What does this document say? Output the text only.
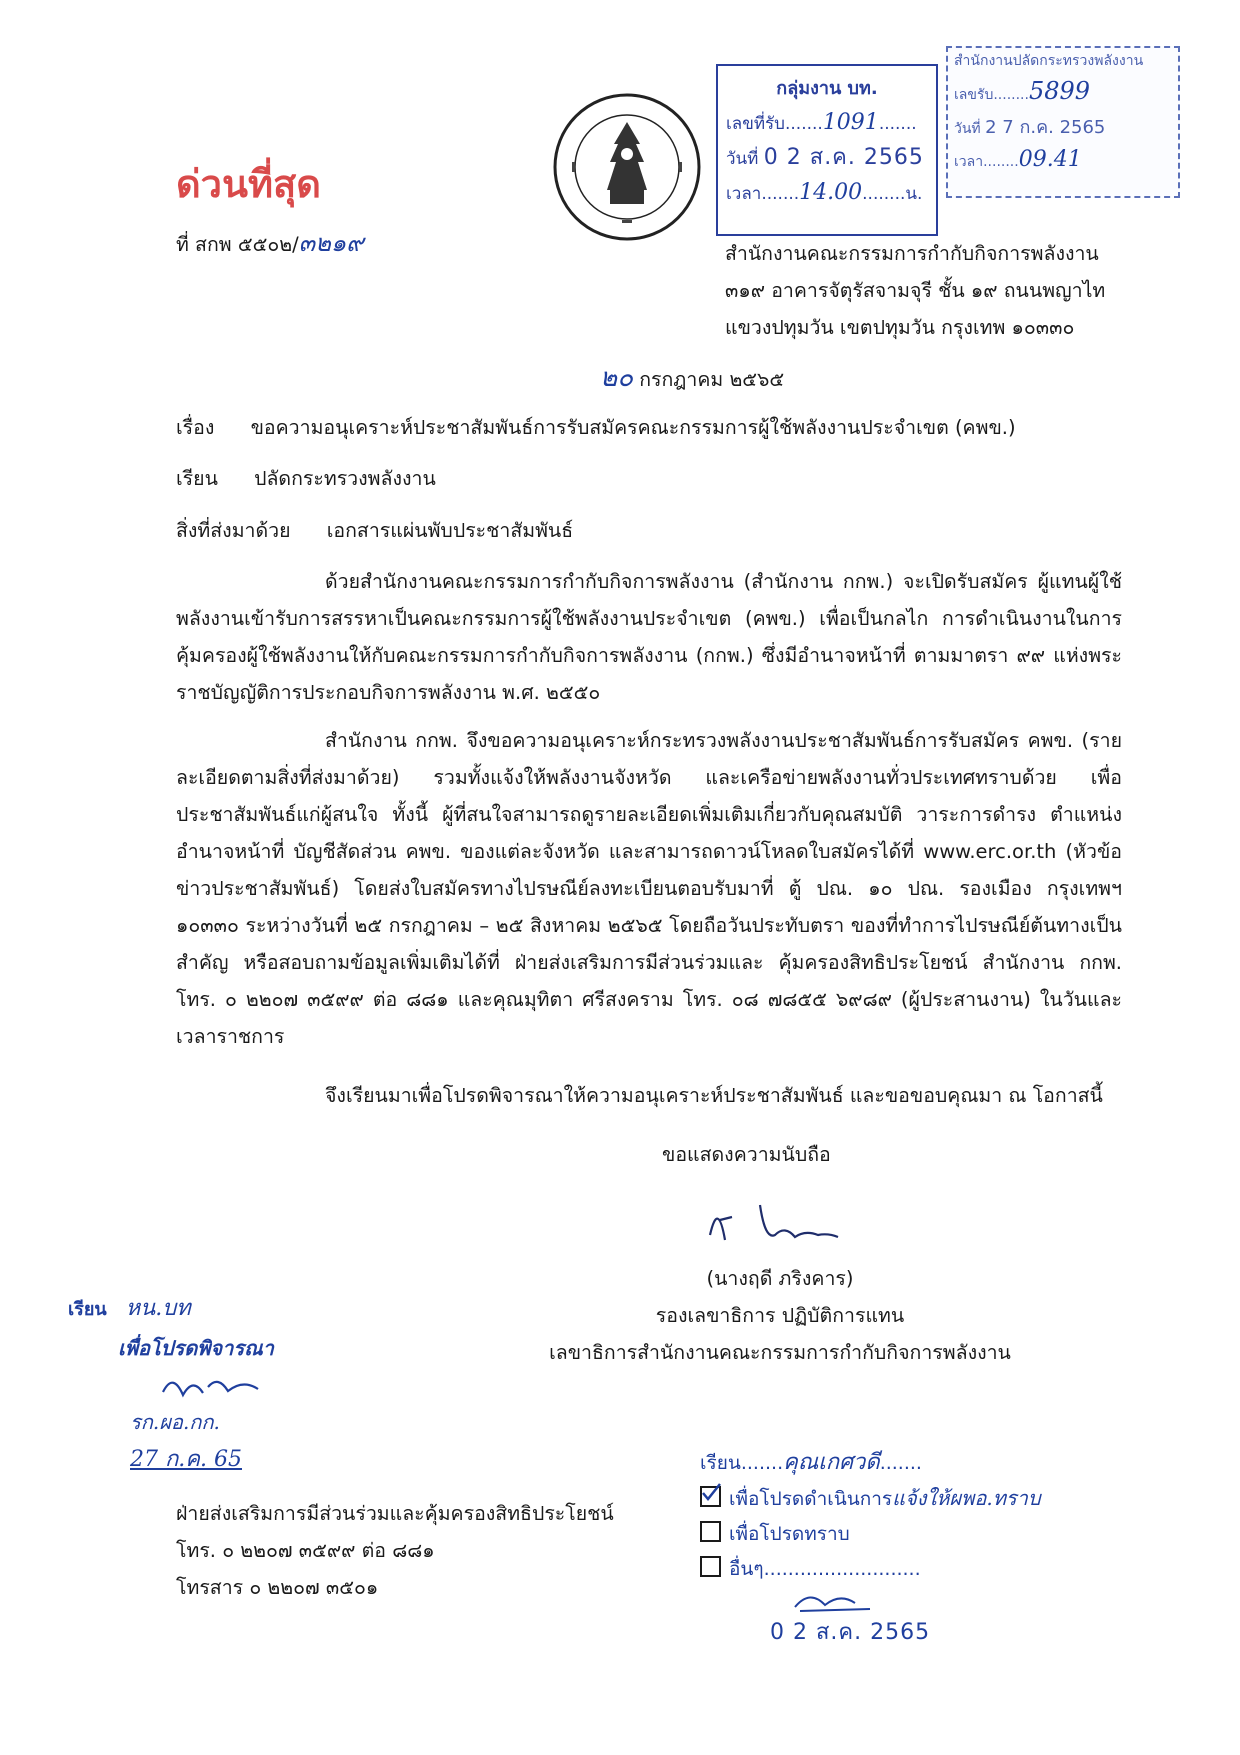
ด่วนที่สุด
ที่ สกพ ๕๕๐๒/๓๒๑๙
กลุ่มงาน บท.
เลขที่รับ.......1091.......
วันที่ 0 2 ส.ค. 2565
เวลา.......14.00........น.
สำนักงานปลัดกระทรวงพลังงาน
เลขรับ........5899
วันที่ 2 7 ก.ค. 2565
เวลา........09.41
สำนักงานคณะกรรมการกำกับกิจการพลังงาน
๓๑๙ อาคารจัตุรัสจามจุรี ชั้น ๑๙ ถนนพญาไท
แขวงปทุมวัน เขตปทุมวัน กรุงเทพ ๑๐๓๓๐
๒๐ กรกฎาคม ๒๕๖๕
เรื่อง ขอความอนุเคราะห์ประชาสัมพันธ์การรับสมัครคณะกรรมการผู้ใช้พลังงานประจำเขต (คพข.)
เรียน ปลัดกระทรวงพลังงาน
สิ่งที่ส่งมาด้วย เอกสารแผ่นพับประชาสัมพันธ์
ด้วยสำนักงานคณะกรรมการกำกับกิจการพลังงาน (สำนักงาน กกพ.) จะเปิดรับสมัคร ผู้แทนผู้ใช้พลังงานเข้ารับการสรรหาเป็นคณะกรรมการผู้ใช้พลังงานประจำเขต (คพข.) เพื่อเป็นกลไก การดำเนินงานในการคุ้มครองผู้ใช้พลังงานให้กับคณะกรรมการกำกับกิจการพลังงาน (กกพ.) ซึ่งมีอำนาจหน้าที่ ตามมาตรา ๙๙ แห่งพระราชบัญญัติการประกอบกิจการพลังงาน พ.ศ. ๒๕๕๐
สำนักงาน กกพ. จึงขอความอนุเคราะห์กระทรวงพลังงานประชาสัมพันธ์การรับสมัคร คพข. (รายละเอียดตามสิ่งที่ส่งมาด้วย) รวมทั้งแจ้งให้พลังงานจังหวัด และเครือข่ายพลังงานทั่วประเทศทราบด้วย เพื่อประชาสัมพันธ์แก่ผู้สนใจ ทั้งนี้ ผู้ที่สนใจสามารถดูรายละเอียดเพิ่มเติมเกี่ยวกับคุณสมบัติ วาระการดำรง ตำแหน่ง อำนาจหน้าที่ บัญชีสัดส่วน คพข. ของแต่ละจังหวัด และสามารถดาวน์โหลดใบสมัครได้ที่ www.erc.or.th (หัวข้อข่าวประชาสัมพันธ์) โดยส่งใบสมัครทางไปรษณีย์ลงทะเบียนตอบรับมาที่ ตู้ ปณ. ๑๐ ปณ. รองเมือง กรุงเทพฯ ๑๐๓๓๐ ระหว่างวันที่ ๒๕ กรกฎาคม – ๒๕ สิงหาคม ๒๕๖๕ โดยถือวันประทับตรา ของที่ทำการไปรษณีย์ต้นทางเป็นสำคัญ หรือสอบถามข้อมูลเพิ่มเติมได้ที่ ฝ่ายส่งเสริมการมีส่วนร่วมและ คุ้มครองสิทธิประโยชน์ สำนักงาน กกพ. โทร. ๐ ๒๒๐๗ ๓๕๙๙ ต่อ ๘๘๑ และคุณมุทิตา ศรีสงคราม โทร. ๐๘ ๗๘๕๕ ๖๙๘๙ (ผู้ประสานงาน) ในวันและเวลาราชการ
จึงเรียนมาเพื่อโปรดพิจารณาให้ความอนุเคราะห์ประชาสัมพันธ์ และขอขอบคุณมา ณ โอกาสนี้
ขอแสดงความนับถือ
(นางฤดี ภริงคาร)
รองเลขาธิการ ปฏิบัติการแทน
เลขาธิการสำนักงานคณะกรรมการกำกับกิจการพลังงาน
เรียน หน.บท
เพื่อโปรดพิจารณา
รก.ผอ.กก.
27 ก.ค. 65
ฝ่ายส่งเสริมการมีส่วนร่วมและคุ้มครองสิทธิประโยชน์
โทร. ๐ ๒๒๐๗ ๓๕๙๙ ต่อ ๘๘๑
โทรสาร ๐ ๒๒๐๗ ๓๕๐๑
เรียน.......คุณเกศวดี.......
เพื่อโปรดดำเนินการแจ้งให้ผพอ.ทราบ
เพื่อโปรดทราบ
อื่นๆ..........................
0 2 ส.ค. 2565
